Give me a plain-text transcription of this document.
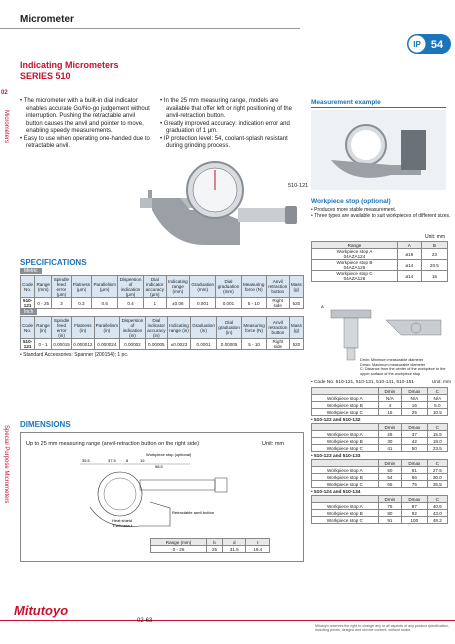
Micrometer
IP 54
02
Micrometers
Special Purpose Micrometers
Indicating Micrometers
SERIES 510
• The micrometer with a built-in dial indicator enables accurate Go/No-go judgement without interruption. Pushing the retractable anvil button causes the anvil and pointer to move, enabling speedy measurements.
• Easy to use when operating one-handed due to retractable anvil.
• In the 25 mm measuring range, models are available that offer left or right positioning of the anvil-retraction button.
• Greatly improved accuracy: indication error and graduation of 1 μm.
• IP protection level: 54, coolant-splash resistant during grinding process.
510-121
Measurement example
Workpiece stop (optional)
• Produces more stable measurement.
• Three types are available to suit workpieces of different sizes.
Unit: mm
Range	A	B
Workpiece stop A
04AZA124	ø16	23
Workpiece stop B
04AZA125	ø14	20.5
Workpiece stop C
04AZA126	ø14	15
A
Dmin: Minimum measurable diameter
Dmax: Maximum measurable diameter
C: Distance from the center of the workpiece to the upper surface of the workpiece stop
SPECIFICATIONS
Metric
Code No.	Range (mm)	Spindle feed error (μm)	Flatness (μm)	Parallelism (μm)	Dispersion of indication (μm)	Dial indicator accuracy (μm)	Indicating range (mm)	Graduation (mm)	Dial graduation (mm)	Measuring force (N)	Anvil retraction button	Mass (g)
510-121	0 - 25	3	0.3	0.6	0.4	1	±0.06	0.001	0.001	5 - 10	Right side	520
Inch
Code No.	Range (in)	Spindle feed error (in)	Flatness (in)	Parallelism (in)	Dispersion of indication (in)	Dial indicator accuracy (in)	Indicating range (in)	Graduation (in)	Dial graduation (in)	Measuring force (N)	Anvil retraction button	Mass (g)
510-131	0 - 1	0.00015	0.000012	0.000024	0.00002	0.00005	±0.0023	0.0001	0.00005	5 - 10	Right side	520
• Standard Accessories: Spanner (200154); 1 pc.
• Code No. 510-121, 510-131, 510-141, 510-151	Unit: mm
	Dmin	Dmax	C
Workpiece stop A	N/A	N/A	N/A
Workpiece stop B	4	16	5.0
Workpiece stop C	15	25	10.5
• 510-122 and 510-132
	Dmin	Dmax	C
Workpiece stop A	25	37	15.5
Workpiece stop B	30	42	18.0
Workpiece stop C	41	50	23.5
• 510-123 and 510-133
	Dmin	Dmax	C
Workpiece stop A	50	61	27.5
Workpiece stop B	54	66	30.0
Workpiece stop C	65	75	35.5
• 510-124 and 510-134
	Dmin	Dmax	C
Workpiece stop A	75	87	40.5
Workpiece stop B	80	92	43.0
Workpiece stop C	91	100	48.2
DIMENSIONS
Up to 25 mm measuring range (anvil-retraction button on the right side)	Unit: mm
35.5	37.5	8	19
58.5
Workpiece stop (optional)
Retractable anvil button
Heat shield
Thickness t
Range (mm)	b	d	t
0 - 25	25	31.5	16.4
Mitutoyo
02-63
Mitutoyo reserves the right to change any or all aspects of any product specification, including prices, designs and service content, without notice.
